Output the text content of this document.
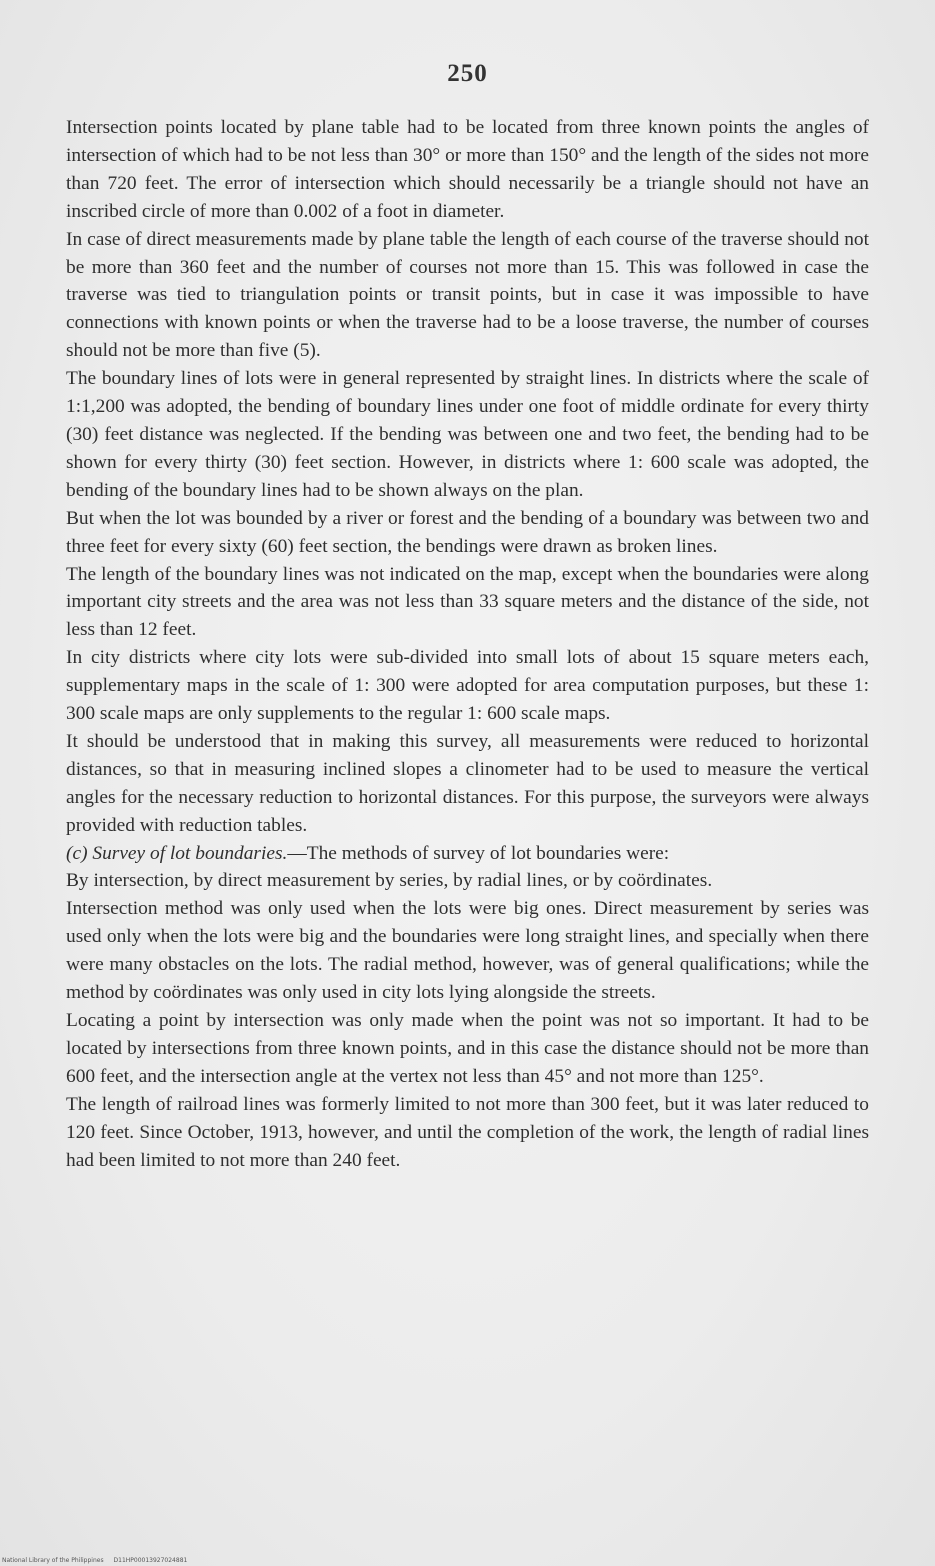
250

Intersection points located by plane table had to be located from three known points the angles of intersection of which had to be not less than 30° or more than 150° and the length of the sides not more than 720 feet. The error of intersection which should necessarily be a triangle should not have an inscribed circle of more than 0.002 of a foot in diameter.

In case of direct measurements made by plane table the length of each course of the traverse should not be more than 360 feet and the number of courses not more than 15. This was followed in case the traverse was tied to triangulation points or transit points, but in case it was impossible to have connections with known points or when the traverse had to be a loose traverse, the number of courses should not be more than five (5).

The boundary lines of lots were in general represented by straight lines. In districts where the scale of 1:1,200 was adopted, the bending of boundary lines under one foot of middle ordinate for every thirty (30) feet distance was neglected. If the bending was between one and two feet, the bending had to be shown for every thirty (30) feet section. However, in districts where 1: 600 scale was adopted, the bending of the boundary lines had to be shown always on the plan.

But when the lot was bounded by a river or forest and the bending of a boundary was between two and three feet for every sixty (60) feet section, the bendings were drawn as broken lines.

The length of the boundary lines was not indicated on the map, except when the boundaries were along important city streets and the area was not less than 33 square meters and the distance of the side, not less than 12 feet.

In city districts where city lots were sub-divided into small lots of about 15 square meters each, supplementary maps in the scale of 1: 300 were adopted for area computation purposes, but these 1: 300 scale maps are only supplements to the regular 1: 600 scale maps.

It should be understood that in making this survey, all measurements were reduced to horizontal distances, so that in measuring inclined slopes a clinometer had to be used to measure the vertical angles for the necessary reduction to horizontal distances. For this purpose, the surveyors were always provided with reduction tables.

(c) Survey of lot boundaries.—The methods of survey of lot boundaries were:

By intersection, by direct measurement by series, by radial lines, or by coördinates.

Intersection method was only used when the lots were big ones. Direct measurement by series was used only when the lots were big and the boundaries were long straight lines, and specially when there were many obstacles on the lots. The radial method, however, was of general qualifications; while the method by coördinates was only used in city lots lying alongside the streets.

Locating a point by intersection was only made when the point was not so important. It had to be located by intersections from three known points, and in this case the distance should not be more than 600 feet, and the intersection angle at the vertex not less than 45° and not more than 125°.

The length of railroad lines was formerly limited to not more than 300 feet, but it was later reduced to 120 feet. Since October, 1913, however, and until the completion of the work, the length of radial lines had been limited to not more than 240 feet.

National Library of the Philippines D11HP00013927024881
